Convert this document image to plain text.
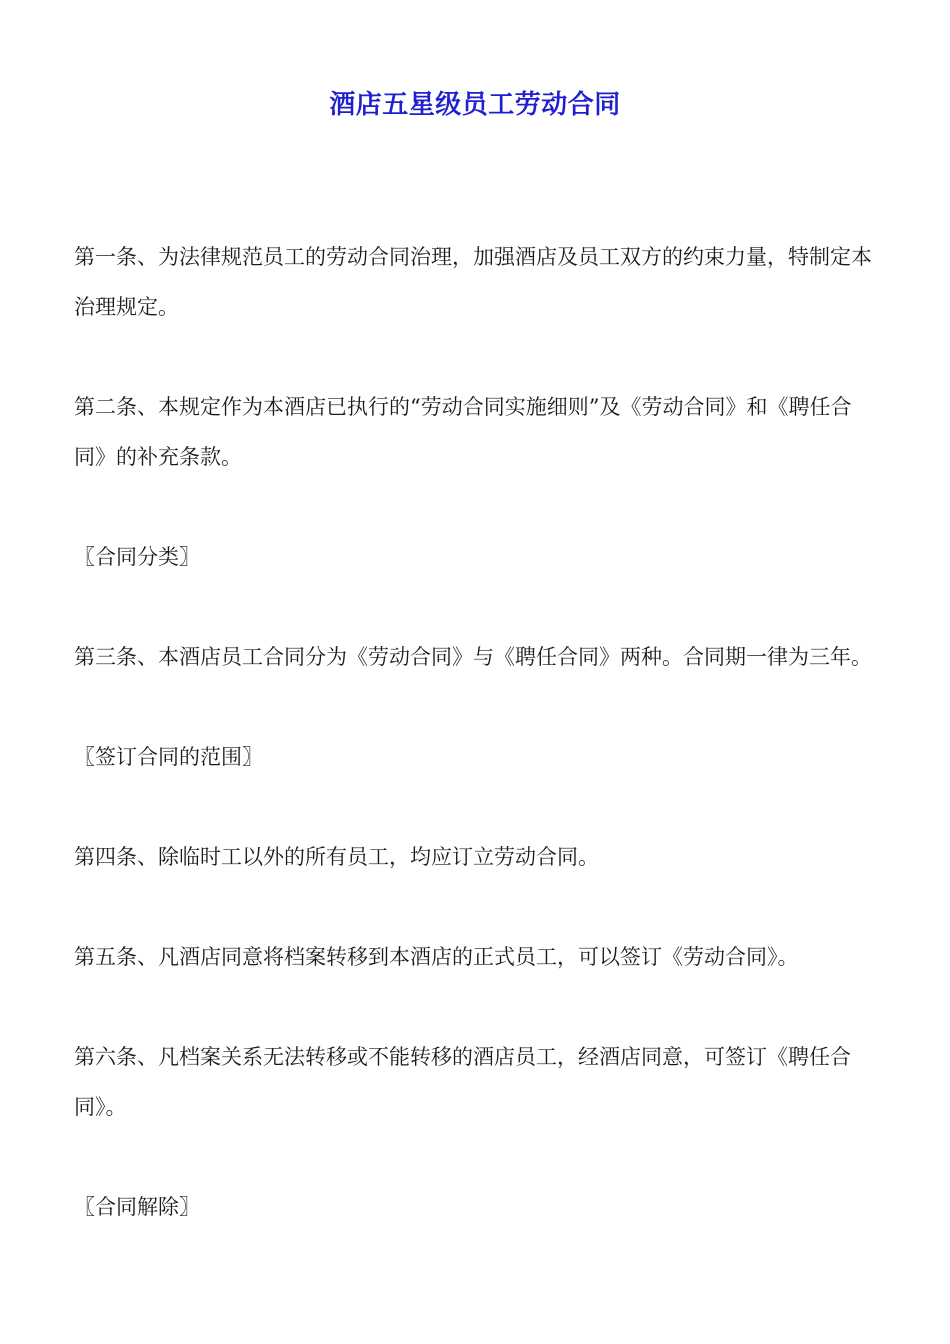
酒店五星级员工劳动合同

第一条、为法律规范员工的劳动合同治理，加强酒店及员工双方的约束力量，特制定本治理规定。

第二条、本规定作为本酒店已执行的“劳动合同实施细则”及《劳动合同》和《聘任合同》的补充条款。

〖合同分类〗

第三条、本酒店员工合同分为《劳动合同》与《聘任合同》两种。合同期一律为三年。

〖签订合同的范围〗

第四条、除临时工以外的所有员工，均应订立劳动合同。

第五条、凡酒店同意将档案转移到本酒店的正式员工，可以签订《劳动合同》。

第六条、凡档案关系无法转移或不能转移的酒店员工，经酒店同意，可签订《聘任合同》。

〖合同解除〗
